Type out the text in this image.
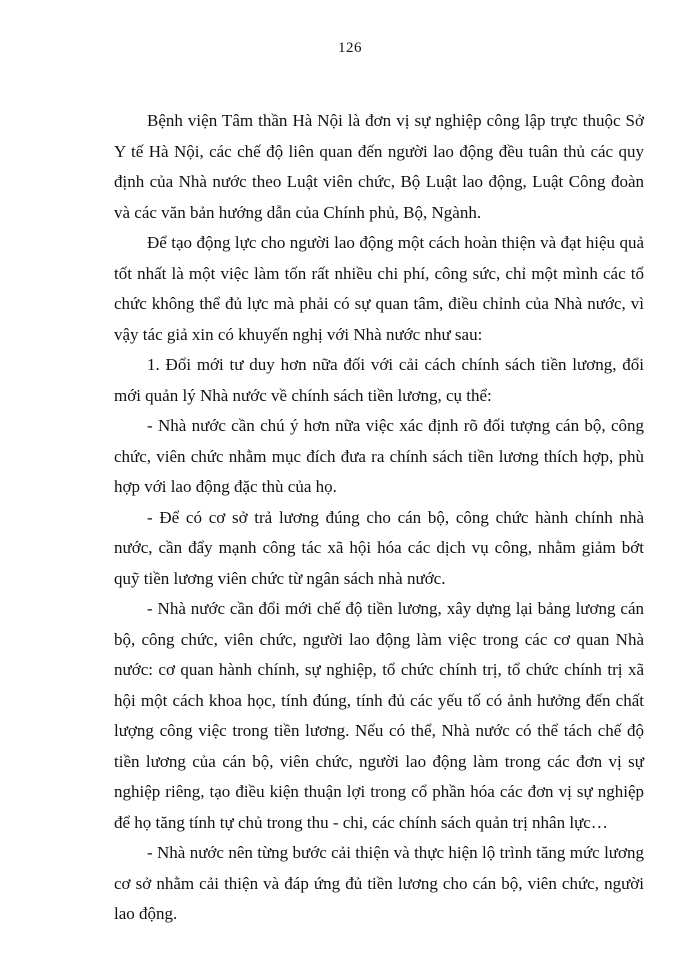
126

Bệnh viện Tâm thần Hà Nội là đơn vị sự nghiệp công lập trực thuộc Sở Y tế Hà Nội, các chế độ liên quan đến người lao động đều tuân thủ các quy định của Nhà nước theo Luật viên chức, Bộ Luật lao động, Luật Công đoàn và các văn bản hướng dẫn của Chính phủ, Bộ, Ngành.

Để tạo động lực cho người lao động một cách hoàn thiện và đạt hiệu quả tốt nhất là một việc làm tốn rất nhiều chi phí, công sức, chỉ một mình các tổ chức không thể đủ lực mà phải có sự quan tâm, điều chỉnh của Nhà nước, vì vậy tác giả xin có khuyến nghị với Nhà nước như sau:

1. Đổi mới tư duy hơn nữa đối với cải cách chính sách tiền lương, đổi mới quản lý Nhà nước về chính sách tiền lương, cụ thể:

- Nhà nước cần chú ý hơn nữa việc xác định rõ đối tượng cán bộ, công chức, viên chức nhằm mục đích đưa ra chính sách tiền lương thích hợp, phù hợp với lao động đặc thù của họ.

- Để có cơ sở trả lương đúng cho cán bộ, công chức hành chính nhà nước, cần đẩy mạnh công tác xã hội hóa các dịch vụ công, nhằm giảm bớt quỹ tiền lương viên chức từ ngân sách nhà nước.

- Nhà nước cần đổi mới chế độ tiền lương, xây dựng lại bảng lương cán bộ, công chức, viên chức, người lao động làm việc trong các cơ quan Nhà nước: cơ quan hành chính, sự nghiệp, tổ chức chính trị, tổ chức chính trị xã hội một cách khoa học, tính đúng, tính đủ các yếu tố có ảnh hưởng đến chất lượng công việc trong tiền lương. Nếu có thể, Nhà nước có thể tách chế độ tiền lương của cán bộ, viên chức, người lao động làm trong các đơn vị sự nghiệp riêng, tạo điều kiện thuận lợi trong cổ phần hóa các đơn vị sự nghiệp để họ tăng tính tự chủ trong thu - chi, các chính sách quản trị nhân lực…

- Nhà nước nên từng bước cải thiện và thực hiện lộ trình tăng mức lương cơ sở nhằm cải thiện và đáp ứng đủ tiền lương cho cán bộ, viên chức, người lao động.
